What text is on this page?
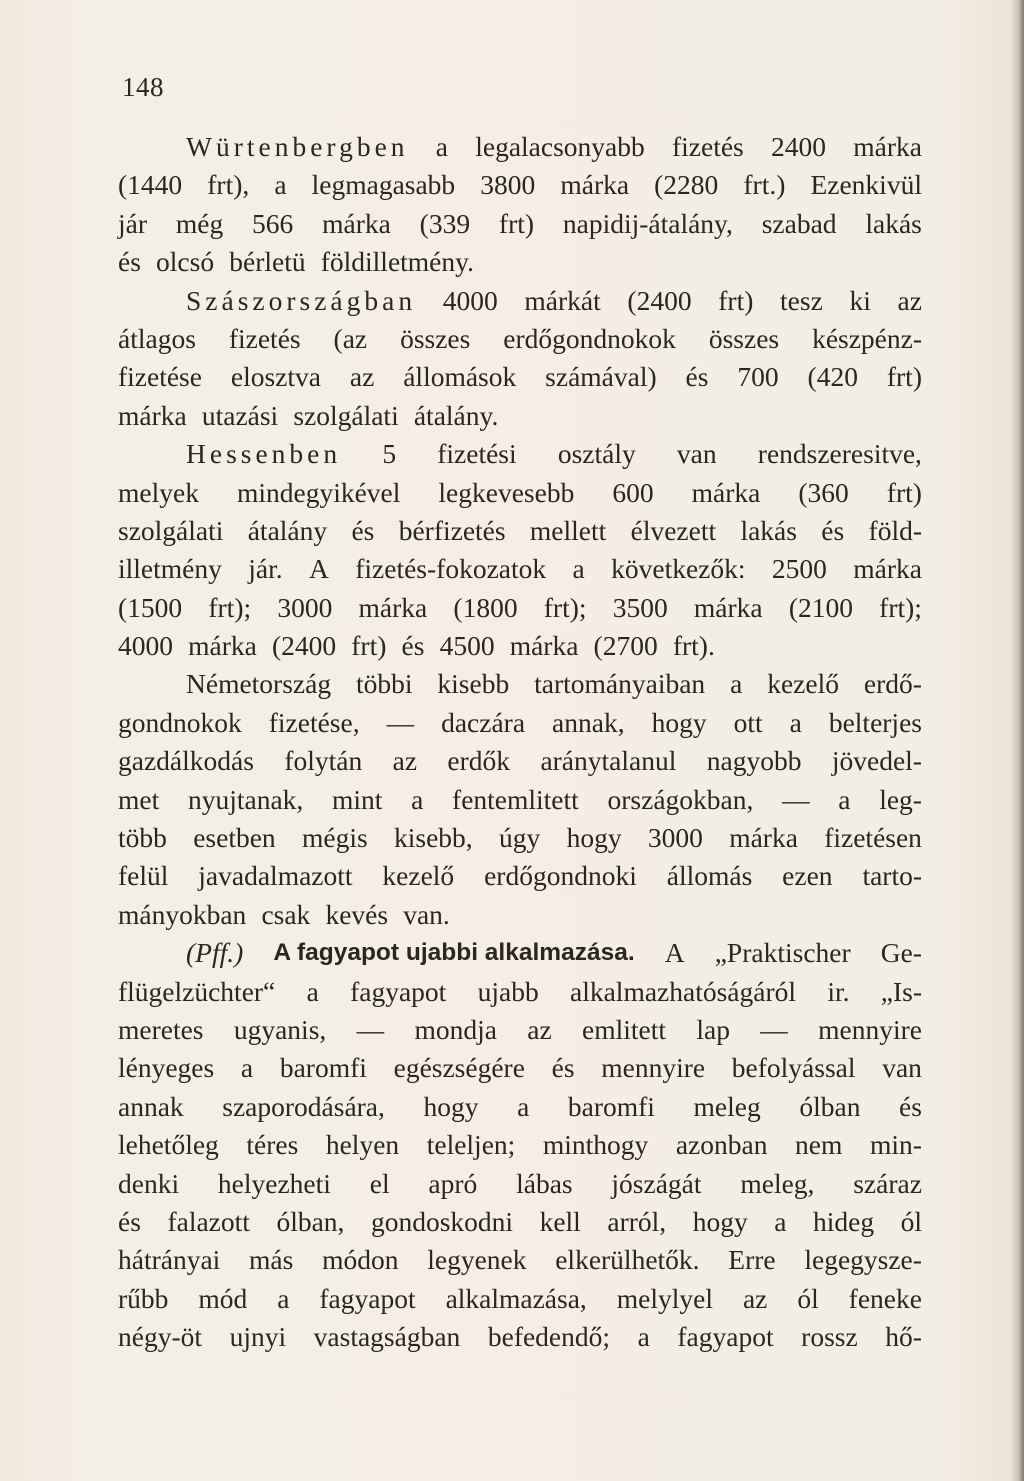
148
Würtenbergben a legalacsonyabb fizetés 2400 márka
(1440 frt), a legmagasabb 3800 márka (2280 frt.) Ezenkivül
jár még 566 márka (339 frt) napidij-átalány, szabad lakás
és olcsó bérletü földilletmény.
Szászországban 4000 márkát (2400 frt) tesz ki az
átlagos fizetés (az összes erdőgondnokok összes készpénz-
fizetése elosztva az állomások számával) és 700 (420 frt)
márka utazási szolgálati átalány.
Hessenben 5 fizetési osztály van rendszeresitve,
melyek mindegyikével legkevesebb 600 márka (360 frt)
szolgálati átalány és bérfizetés mellett élvezett lakás és föld-
illetmény jár. A fizetés-fokozatok a következők: 2500 márka
(1500 frt); 3000 márka (1800 frt); 3500 márka (2100 frt);
4000 márka (2400 frt) és 4500 márka (2700 frt).
Németország többi kisebb tartományaiban a kezelő erdő-
gondnokok fizetése, — daczára annak, hogy ott a belterjes
gazdálkodás folytán az erdők aránytalanul nagyobb jövedel-
met nyujtanak, mint a fentemlitett országokban, — a leg-
több esetben mégis kisebb, úgy hogy 3000 márka fizetésen
felül javadalmazott kezelő erdőgondnoki állomás ezen tarto-
mányokban csak kevés van.
(Pff.) A fagyapot ujabbi alkalmazása. A „Praktischer Ge-
flügelzüchter“ a fagyapot ujabb alkalmazhatóságáról ir. „Is-
meretes ugyanis, — mondja az emlitett lap — mennyire
lényeges a baromfi egészségére és mennyire befolyással van
annak szaporodására, hogy a baromfi meleg ólban és
lehetőleg téres helyen teleljen; minthogy azonban nem min-
denki helyezheti el apró lábas jószágát meleg, száraz
és falazott ólban, gondoskodni kell arról, hogy a hideg ól
hátrányai más módon legyenek elkerülhetők. Erre legegysze-
rűbb mód a fagyapot alkalmazása, melylyel az ól feneke
négy-öt ujnyi vastagságban befedendő; a fagyapot rossz hő-
